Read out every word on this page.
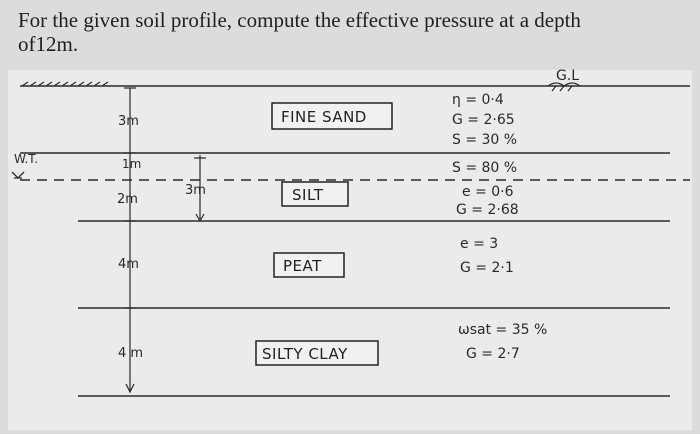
For the given soil profile, compute the effective pressure at a depth
of12m.
G.L
W.T.
3m
1m
2m
4m
4 m
3m
FINE SAND
SILT
PEAT
SILTY CLAY
η = 0·4
G = 2·65
S = 30 %
S = 80 %
e = 0·6
G = 2·68
e = 3
G = 2·1
ωsat = 35 %
G = 2·7
